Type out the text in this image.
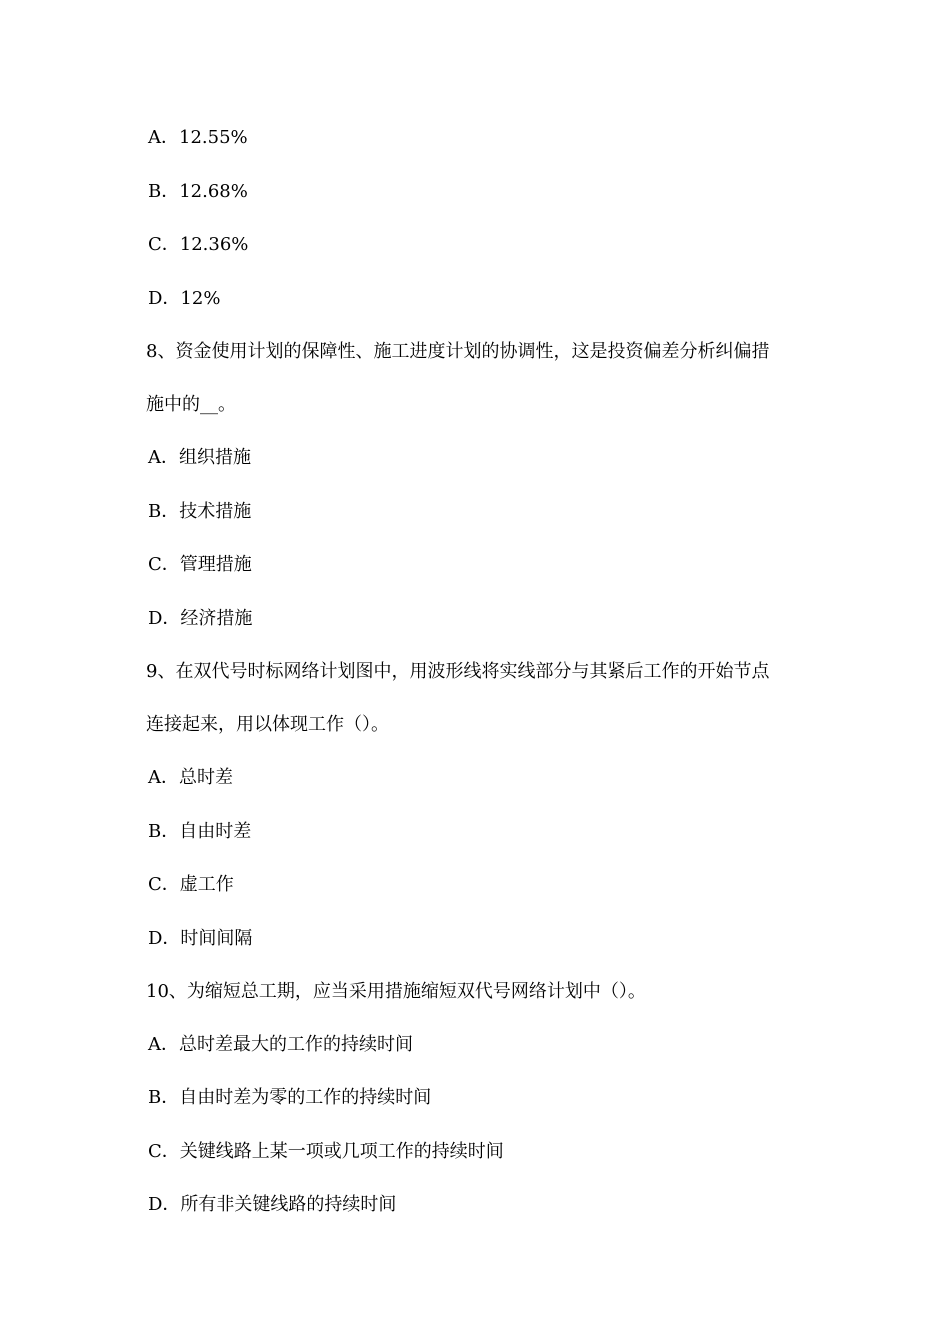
A．12.55%
B．12.68%
C．12.36%
D．12%
8、资金使用计划的保障性、施工进度计划的协调性，这是投资偏差分析纠偏措
施中的__。
A．组织措施
B．技术措施
C．管理措施
D．经济措施
9、在双代号时标网络计划图中，用波形线将实线部分与其紧后工作的开始节点
连接起来，用以体现工作（）。
A．总时差
B．自由时差
C．虚工作
D．时间间隔
10、为缩短总工期，应当采用措施缩短双代号网络计划中（）。
A．总时差最大的工作的持续时间
B．自由时差为零的工作的持续时间
C．关键线路上某一项或几项工作的持续时间
D．所有非关键线路的持续时间
